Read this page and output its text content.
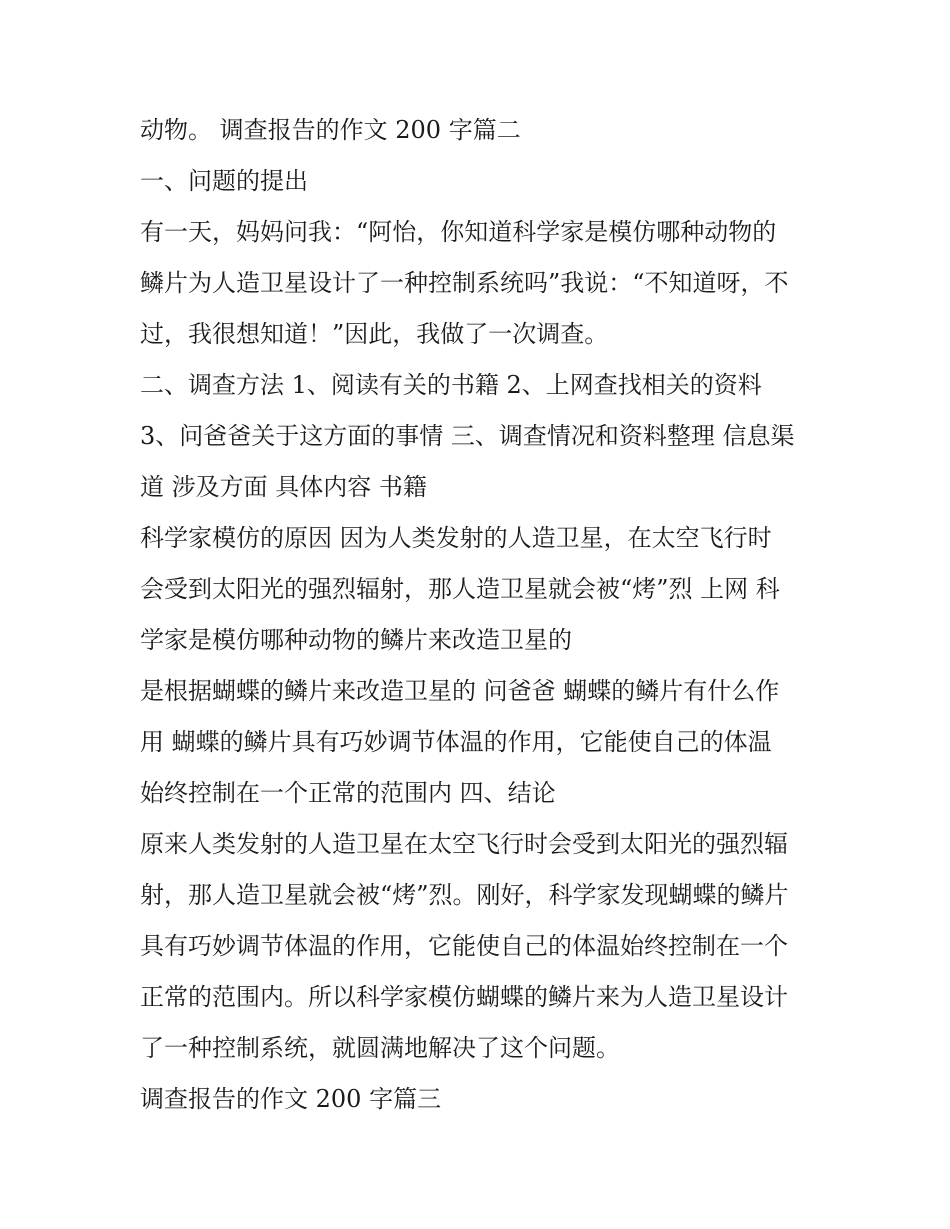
动物。 调查报告的作文 200 字篇二
一、问题的提出
有一天，妈妈问我：“阿怡，你知道科学家是模仿哪种动物的
鳞片为人造卫星设计了一种控制系统吗”我说：“不知道呀，不
过，我很想知道！”因此，我做了一次调查。
二、调查方法 1、阅读有关的书籍 2、上网查找相关的资料
3、问爸爸关于这方面的事情 三、调查情况和资料整理 信息渠
道 涉及方面 具体内容 书籍
科学家模仿的原因 因为人类发射的人造卫星，在太空飞行时
会受到太阳光的强烈辐射，那人造卫星就会被“烤”烈 上网 科
学家是模仿哪种动物的鳞片来改造卫星的
是根据蝴蝶的鳞片来改造卫星的 问爸爸 蝴蝶的鳞片有什么作
用 蝴蝶的鳞片具有巧妙调节体温的作用，它能使自己的体温
始终控制在一个正常的范围内 四、结论
原来人类发射的人造卫星在太空飞行时会受到太阳光的强烈辐
射，那人造卫星就会被“烤”烈。刚好，科学家发现蝴蝶的鳞片
具有巧妙调节体温的作用，它能使自己的体温始终控制在一个
正常的范围内。所以科学家模仿蝴蝶的鳞片来为人造卫星设计
了一种控制系统，就圆满地解决了这个问题。
调查报告的作文 200 字篇三
